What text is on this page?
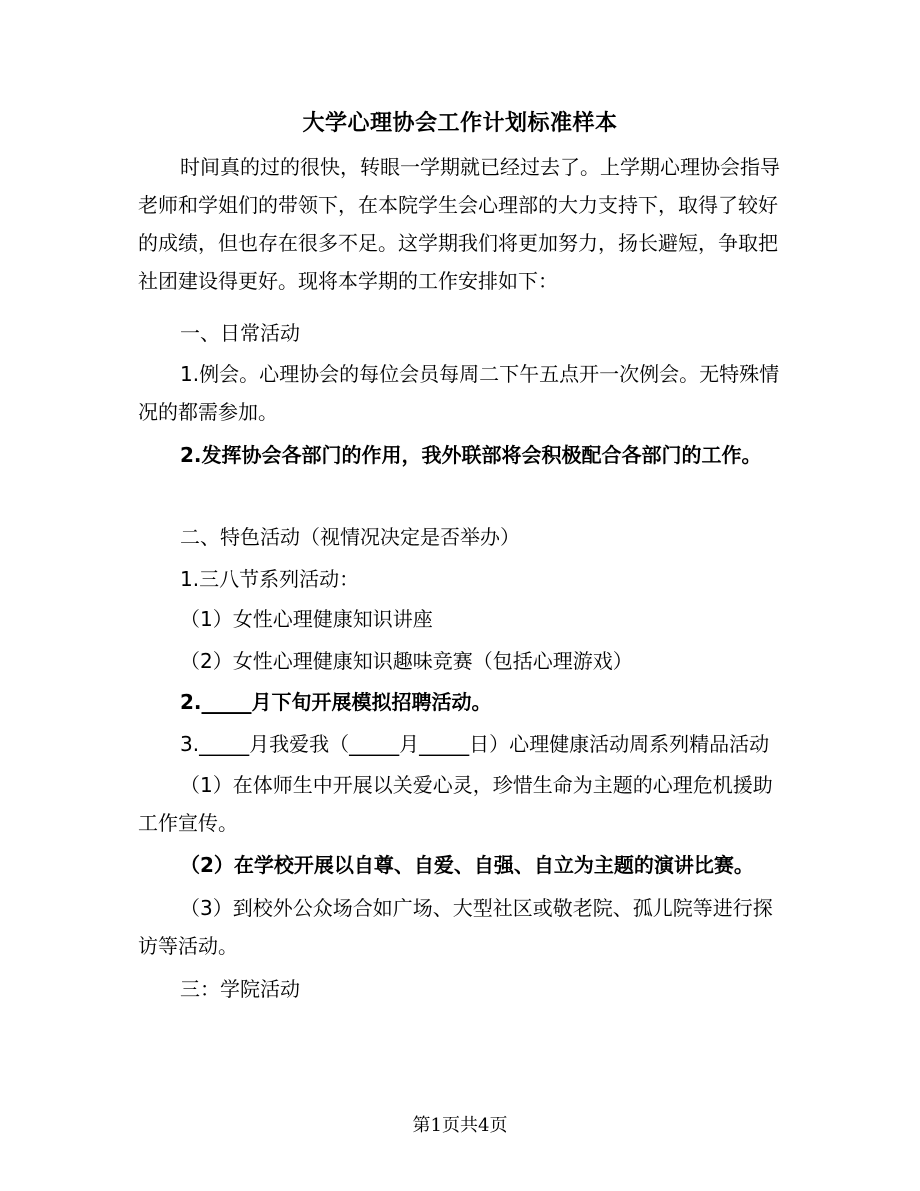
大学心理协会工作计划标准样本
时间真的过的很快，转眼一学期就已经过去了。上学期心理协会指导老师和学姐们的带领下，在本院学生会心理部的大力支持下，取得了较好的成绩，但也存在很多不足。这学期我们将更加努力，扬长避短，争取把社团建设得更好。现将本学期的工作安排如下：
一、日常活动
1.例会。心理协会的每位会员每周二下午五点开一次例会。无特殊情况的都需参加。
2.发挥协会各部门的作用，我外联部将会积极配合各部门的工作。
二、特色活动（视情况决定是否举办）
1.三八节系列活动：
（1）女性心理健康知识讲座
（2）女性心理健康知识趣味竞赛（包括心理游戏）
2._____月下旬开展模拟招聘活动。
3._____月我爱我（_____月_____日）心理健康活动周系列精品活动
（1）在体师生中开展以关爱心灵，珍惜生命为主题的心理危机援助工作宣传。
（2）在学校开展以自尊、自爱、自强、自立为主题的演讲比赛。
（3）到校外公众场合如广场、大型社区或敬老院、孤儿院等进行探访等活动。
三：学院活动
第1页共4页
